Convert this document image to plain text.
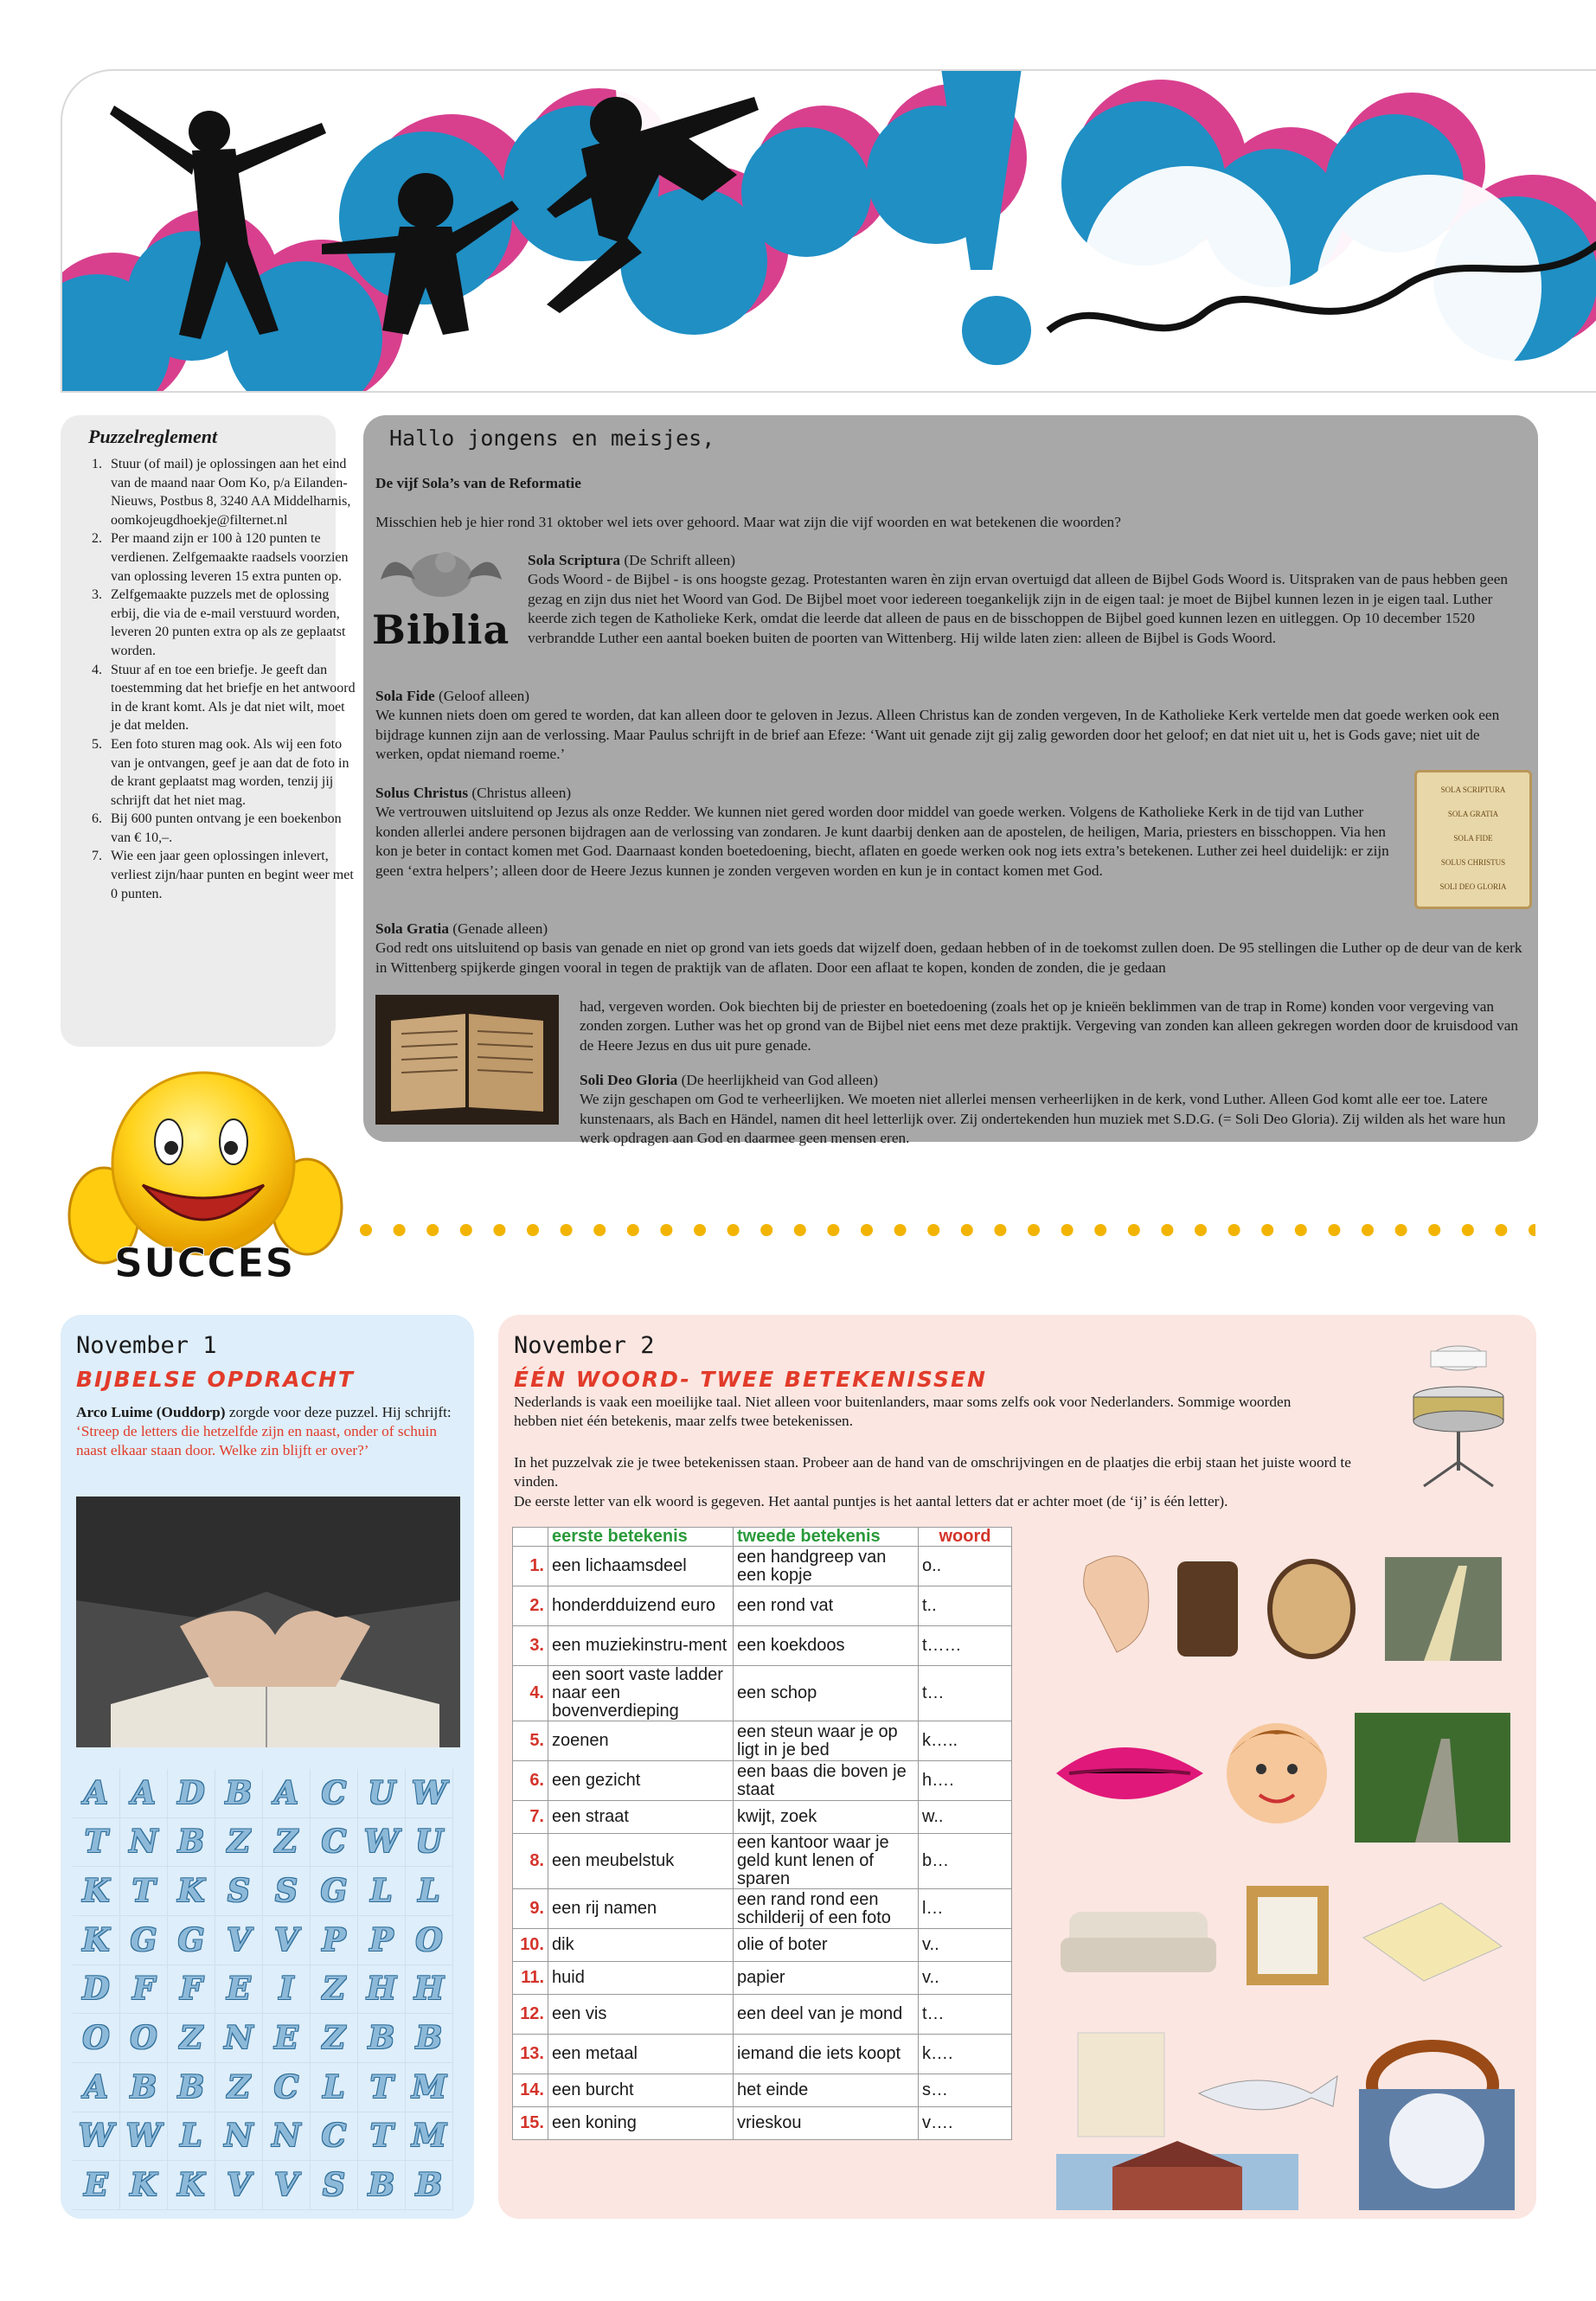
Puzzelreglement
1. Stuur (of mail) je oplossingen aan het eind van de maand naar Oom Ko, p/a Eilanden-Nieuws, Postbus 8, 3240 AA Middelharnis, oomkojeugdhoekje@filternet.nl
2. Per maand zijn er 100 à 120 punten te verdienen. Zelfgemaakte raadsels voorzien van oplossing leveren 15 extra punten op.
3. Zelfgemaakte puzzels met de oplossing erbij, die via de e-mail verstuurd worden, leveren 20 punten extra op als ze geplaatst worden.
4. Stuur af en toe een briefje. Je geeft dan toestemming dat het briefje en het antwoord in de krant komt. Als je dat niet wilt, moet je dat melden.
5. Een foto sturen mag ook. Als wij een foto van je ontvangen, geef je aan dat de foto in de krant geplaatst mag worden, tenzij jij schrijft dat het niet mag.
6. Bij 600 punten ontvang je een boekenbon van € 10,–.
7. Wie een jaar geen oplossingen inlevert, verliest zijn/haar punten en begint weer met 0 punten.
Hallo jongens en meisjes,
De vijf Sola’s van de Reformatie
Misschien heb je hier rond 31 oktober wel iets over gehoord. Maar wat zijn die vijf woorden en wat betekenen die woorden?
Biblia
Sola Scriptura (De Schrift alleen)
Gods Woord - de Bijbel - is ons hoogste gezag. Protestanten waren èn zijn ervan overtuigd dat alleen de Bijbel Gods Woord is. Uitspraken van de paus hebben geen gezag en zijn dus niet het Woord van God. De Bijbel moet voor iedereen toegankelijk zijn in de eigen taal: je moet de Bijbel kunnen lezen in je eigen taal. Luther keerde zich tegen de Katholieke Kerk, omdat die leerde dat alleen de paus en de bisschoppen de Bijbel goed kunnen lezen en uitleggen. Op 10 december 1520 verbrandde Luther een aantal boeken buiten de poorten van Wittenberg. Hij wilde laten zien: alleen de Bijbel is Gods Woord.
Sola Fide (Geloof alleen)
We kunnen niets doen om gered te worden, dat kan alleen door te geloven in Jezus. Alleen Christus kan de zonden vergeven, In de Katholieke Kerk vertelde men dat goede werken ook een bijdrage kunnen zijn aan de verlossing. Maar Paulus schrijft in de brief aan Efeze: ‘Want uit genade zijt gij zalig geworden door het geloof; en dat niet uit u, het is Gods gave; niet uit de werken, opdat niemand roeme.’
SOLA SCRIPTURA
SOLA GRATIA
SOLA FIDE
SOLUS CHRISTUS
SOLI DEO GLORIA
Solus Christus (Christus alleen)
We vertrouwen uitsluitend op Jezus als onze Redder. We kunnen niet gered worden door middel van goede werken. Volgens de Katholieke Kerk in de tijd van Luther konden allerlei andere personen bijdragen aan de verlossing van zondaren. Je kunt daarbij denken aan de apostelen, de heiligen, Maria, priesters en bisschoppen. Via hen kon je beter in contact komen met God. Daarnaast konden boetedoening, biecht, aflaten en goede werken ook nog iets extra’s betekenen. Luther zei heel duidelijk: er zijn geen ‘extra helpers’; alleen door de Heere Jezus kunnen je zonden vergeven worden en kun je in contact komen met God.
Sola Gratia (Genade alleen)
God redt ons uitsluitend op basis van genade en niet op grond van iets goeds dat wijzelf doen, gedaan hebben of in de toekomst zullen doen. De 95 stellingen die Luther op de deur van de kerk in Wittenberg spijkerde gingen vooral in tegen de praktijk van de aflaten. Door een aflaat te kopen, konden de zonden, die je gedaan
had, vergeven worden. Ook biechten bij de priester en boetedoening (zoals het op je knieën beklimmen van de trap in Rome) konden voor vergeving van zonden zorgen. Luther was het op grond van de Bijbel niet eens met deze praktijk. Vergeving van zonden kan alleen gekregen worden door de kruisdood van de Heere Jezus en dus uit pure genade.
Soli Deo Gloria (De heerlijkheid van God alleen)
We zijn geschapen om God te verheerlijken. We moeten niet allerlei mensen verheerlijken in de kerk, vond Luther. Alleen God komt alle eer toe. Latere kunstenaars, als Bach en Händel, namen dit heel letterlijk over. Zij ondertekenden hun muziek met S.D.G. (= Soli Deo Gloria). Zij wilden als het ware hun werk opdragen aan God en daarmee geen mensen eren.
SUCCES
November 1
BIJBELSE OPDRACHT
Arco Luime (Ouddorp) zorgde voor deze puzzel. Hij schrijft: ‘Streep de letters die hetzelfde zijn en naast, onder of schuin naast elkaar staan door. Welke zin blijft er over?’
A A D B A C U W
T N B Z Z C W U
K T K S S G L L
K G G V V P P O
D F F E I Z H H
O O Z N E Z B B
A B B Z C L T M
W W L N N C T M
E K K V V S B B
November 2
ÉÉN WOORD- TWEE BETEKENISSEN
Nederlands is vaak een moeilijke taal. Niet alleen voor buitenlanders, maar soms zelfs ook voor Nederlanders. Sommige woorden hebben niet één betekenis, maar zelfs twee betekenissen.
In het puzzelvak zie je twee betekenissen staan. Probeer aan de hand van de omschrijvingen en de plaatjes die erbij staan het juiste woord te vinden.
De eerste letter van elk woord is gegeven. Het aantal puntjes is het aantal letters dat er achter moet (de ‘ij’ is één letter).
	eerste betekenis	tweede betekenis	woord
1.	een lichaamsdeel	een handgreep van een kopje	o..
2.	honderdduizend euro	een rond vat	t..
3.	een muziekinstru-ment	een koekdoos	t……
4.	een soort vaste ladder naar een bovenverdieping	een schop	t…
5.	zoenen	een steun waar je op ligt in je bed	k…..
6.	een gezicht	een baas die boven je staat	h….
7.	een straat	kwijt, zoek	w..
8.	een meubelstuk	een kantoor waar je geld kunt lenen of sparen	b…
9.	een rij namen	een rand rond een schilderij of een foto	l…
10.	dik	olie of boter	v..
11.	huid	papier	v..
12.	een vis	een deel van je mond	t…
13.	een metaal	iemand die iets koopt	k….
14.	een burcht	het einde	s…
15.	een koning	vrieskou	v….
